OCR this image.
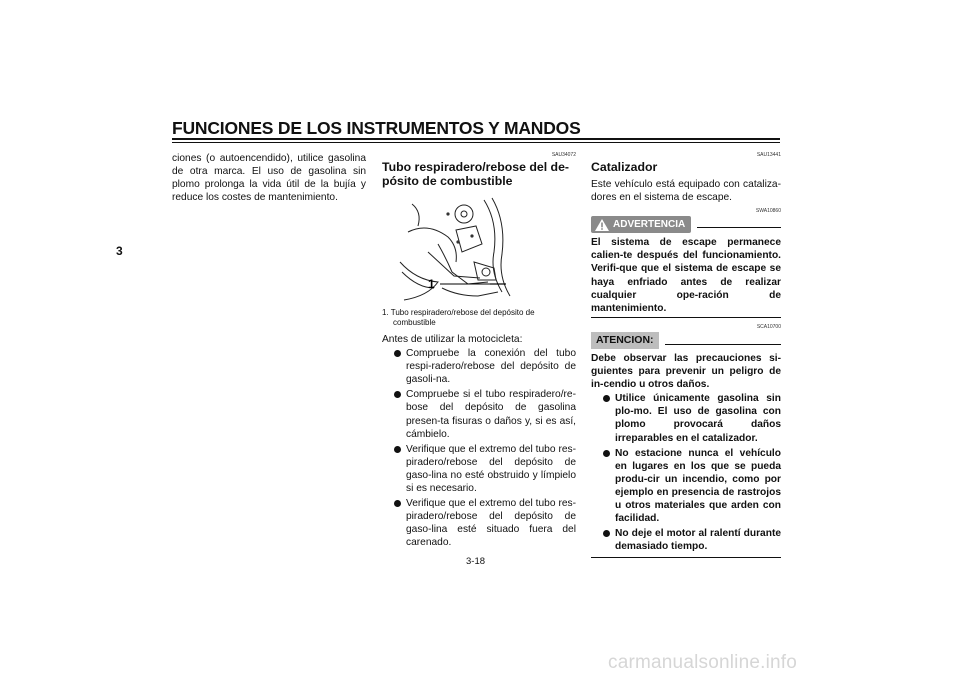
FUNCIONES DE LOS INSTRUMENTOS Y MANDOS
3

ciones (o autoencendido), utilice gasolina de otra marca. El uso de gasolina sin plomo prolonga la vida útil de la bujía y reduce los costes de mantenimiento.

SAU34072
Tubo respiradero/rebose del de-pósito de combustible
1
1. Tubo respiradero/rebose del depósito de combustible

Antes de utilizar la motocicleta:

Compruebe la conexión del tubo respi-radero/rebose del depósito de gasoli-na.
Compruebe si el tubo respiradero/re-bose del depósito de gasolina presen-ta fisuras o daños y, si es así, cámbielo.
Verifique que el extremo del tubo res-piradero/rebose del depósito de gaso-lina no esté obstruido y límpielo si es necesario.
Verifique que el extremo del tubo res-piradero/rebose del depósito de gaso-lina esté situado fuera del carenado.
SAU13441
Catalizador

Este vehículo está equipado con cataliza-dores en el sistema de escape.

SWA10860
ADVERTENCIA

El sistema de escape permanece calien-te después del funcionamiento. Verifi-que que el sistema de escape se haya enfriado antes de realizar cualquier ope-ración de mantenimiento.

SCA10700
ATENCION:

Debe observar las precauciones si-guientes para prevenir un peligro de in-cendio u otros daños.

Utilice únicamente gasolina sin plo-mo. El uso de gasolina con plomo provocará daños irreparables en el catalizador.
No estacione nunca el vehículo en lugares en los que se pueda produ-cir un incendio, como por ejemplo en presencia de rastrojos u otros materiales que arden con facilidad.
No deje el motor al ralentí durante demasiado tiempo.
3-18
carmanualsonline.info
